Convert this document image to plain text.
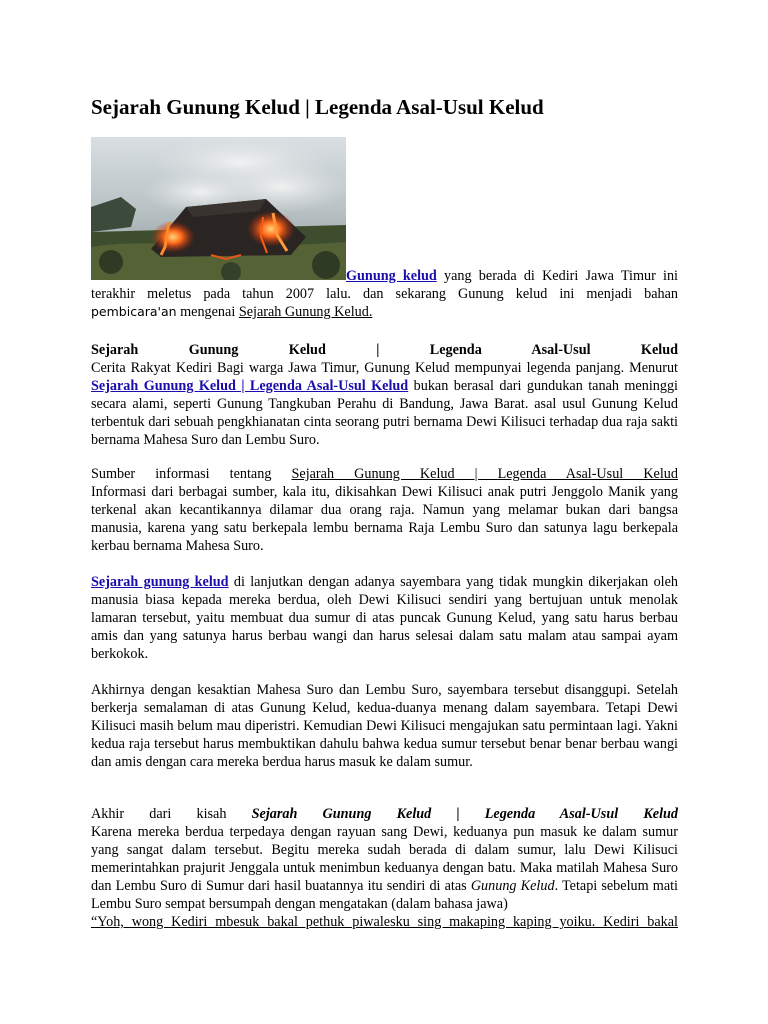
Sejarah Gunung Kelud | Legenda Asal-Usul Kelud

Gunung kelud yang berada di Kediri Jawa Timur ini

terakhir meletus pada tahun 2007 lalu. dan sekarang Gunung kelud ini menjadi bahan

pembicara'an mengenai Sejarah Gunung Kelud.

Sejarah Gunung Kelud | Legenda Asal-Usul Kelud

Cerita Rakyat Kediri Bagi warga Jawa Timur, Gunung Kelud mempunyai legenda panjang. Menurut Sejarah Gunung Kelud | Legenda Asal-Usul Kelud bukan berasal dari gundukan tanah meninggi secara alami, seperti Gunung Tangkuban Perahu di Bandung, Jawa Barat. asal usul Gunung Kelud terbentuk dari sebuah pengkhianatan cinta seorang putri bernama Dewi Kilisuci terhadap dua raja sakti bernama Mahesa Suro dan Lembu Suro.

Sumber informasi tentang Sejarah Gunung Kelud | Legenda Asal-Usul Kelud

Informasi dari berbagai sumber, kala itu, dikisahkan Dewi Kilisuci anak putri Jenggolo Manik yang terkenal akan kecantikannya dilamar dua orang raja. Namun yang melamar bukan dari bangsa manusia, karena yang satu berkepala lembu bernama Raja Lembu Suro dan satunya lagu berkepala kerbau bernama Mahesa Suro.

Sejarah gunung kelud di lanjutkan dengan adanya sayembara yang tidak mungkin dikerjakan oleh manusia biasa kepada mereka berdua, oleh Dewi Kilisuci sendiri yang bertujuan untuk menolak lamaran tersebut, yaitu membuat dua sumur di atas puncak Gunung Kelud, yang satu harus berbau amis dan yang satunya harus berbau wangi dan harus selesai dalam satu malam atau sampai ayam berkokok.

Akhirnya dengan kesaktian Mahesa Suro dan Lembu Suro, sayembara tersebut disanggupi. Setelah berkerja semalaman di atas Gunung Kelud, kedua-duanya menang dalam sayembara. Tetapi Dewi Kilisuci masih belum mau diperistri. Kemudian Dewi Kilisuci mengajukan satu permintaan lagi. Yakni kedua raja tersebut harus membuktikan dahulu bahwa kedua sumur tersebut benar benar berbau wangi dan amis dengan cara mereka berdua harus masuk ke dalam sumur.

Akhir dari kisah Sejarah Gunung Kelud | Legenda Asal-Usul Kelud

Karena mereka berdua terpedaya dengan rayuan sang Dewi, keduanya pun masuk ke dalam sumur yang sangat dalam tersebut. Begitu mereka sudah berada di dalam sumur, lalu Dewi Kilisuci memerintahkan prajurit Jenggala untuk menimbun keduanya dengan batu. Maka matilah Mahesa Suro dan Lembu Suro di Sumur dari hasil buatannya itu sendiri di atas Gunung Kelud. Tetapi sebelum mati Lembu Suro sempat bersumpah dengan mengatakan (dalam bahasa jawa)

“Yoh, wong Kediri mbesuk bakal pethuk piwalesku sing makaping kaping yoiku. Kediri bakal
